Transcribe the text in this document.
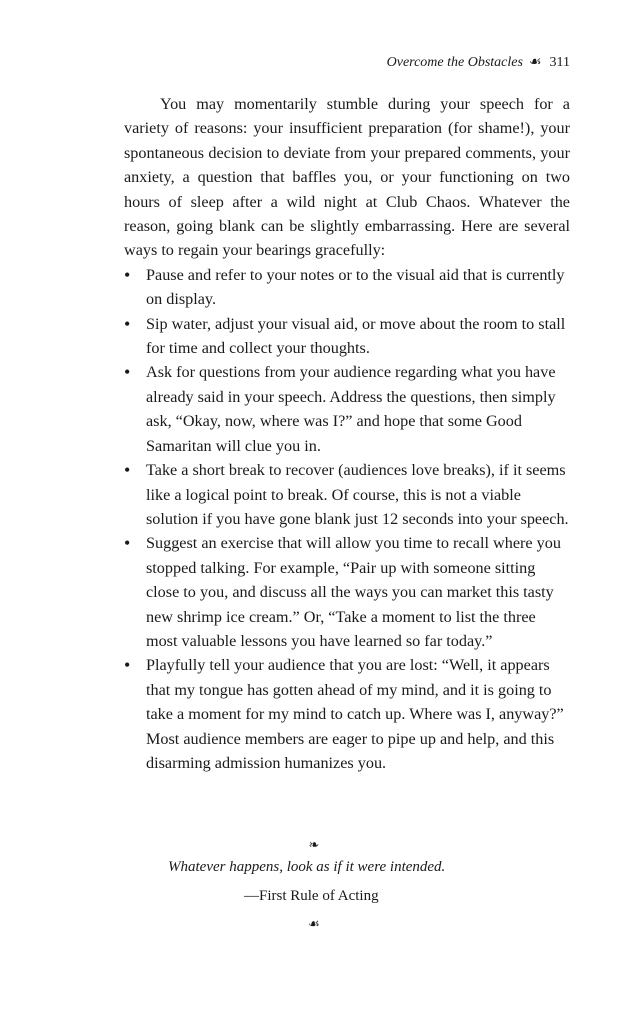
Overcome the Obstacles ☙ 311

You may momentarily stumble during your speech for a variety of reasons: your insufficient preparation (for shame!), your spontaneous decision to deviate from your prepared comments, your anxiety, a question that baffles you, or your functioning on two hours of sleep after a wild night at Club Chaos. Whatever the reason, going blank can be slightly embarrassing. Here are several ways to regain your bearings gracefully:

• Pause and refer to your notes or to the visual aid that is currently on display.
• Sip water, adjust your visual aid, or move about the room to stall for time and collect your thoughts.
• Ask for questions from your audience regarding what you have already said in your speech. Address the questions, then simply ask, “Okay, now, where was I?” and hope that some Good Samaritan will clue you in.
• Take a short break to recover (audiences love breaks), if it seems like a logical point to break. Of course, this is not a viable solution if you have gone blank just 12 seconds into your speech.
• Suggest an exercise that will allow you time to recall where you stopped talking. For example, “Pair up with someone sitting close to you, and discuss all the ways you can market this tasty new shrimp ice cream.” Or, “Take a moment to list the three most valuable lessons you have learned so far today.”
• Playfully tell your audience that you are lost: “Well, it appears that my tongue has gotten ahead of my mind, and it is going to take a moment for my mind to catch up. Where was I, anyway?” Most audience members are eager to pipe up and help, and this disarming admission humanizes you.
❧
Whatever happens, look as if it were intended.
—First Rule of Acting
☙
